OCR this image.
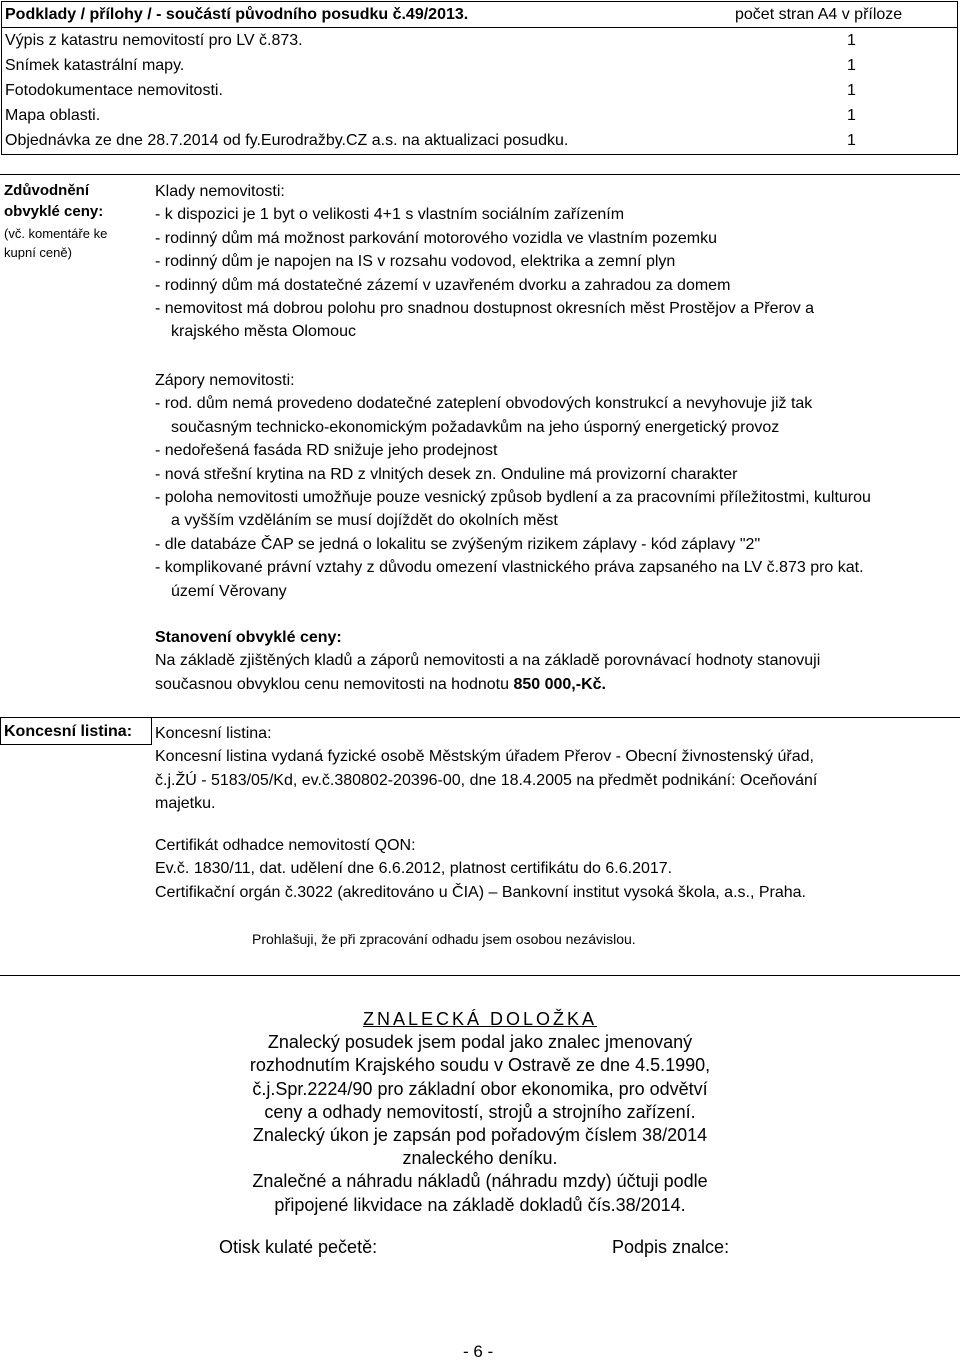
Podklady / přílohy / - součástí původního posudku č.49/2013.	počet stran A4 v příloze
Výpis z katastru nemovitostí pro LV č.873.	1
Snímek katastrální mapy.	1
Fotodokumentace nemovitosti.	1
Mapa oblasti.	1
Objednávka ze dne 28.7.2014 od fy.Eurodražby.CZ a.s. na aktualizaci posudku.	1
Zdůvodnění
obvyklé ceny:
(vč. komentáře ke
kupní ceně)
Klady nemovitosti:
- k dispozici je 1 byt o velikosti 4+1 s vlastním sociálním zařízením
- rodinný dům má možnost parkování motorového vozidla ve vlastním pozemku
- rodinný dům je napojen na IS v rozsahu vodovod, elektrika a zemní plyn
- rodinný dům má dostatečné zázemí v uzavřeném dvorku a zahradou za domem
- nemovitost má dobrou polohu pro snadnou dostupnost okresních měst Prostějov a Přerov a
krajského města Olomouc
Zápory nemovitosti:
- rod. dům nemá provedeno dodatečné zateplení obvodových konstrukcí a nevyhovuje již tak
současným technicko-ekonomickým požadavkům na jeho úsporný energetický provoz
- nedořešená fasáda RD snižuje jeho prodejnost
- nová střešní krytina na RD z vlnitých desek zn. Onduline má provizorní charakter
- poloha nemovitosti umožňuje pouze vesnický způsob bydlení a za pracovními příležitostmi, kulturou
a vyšším vzděláním se musí dojíždět do okolních měst
- dle databáze ČAP se jedná o lokalitu se zvýšeným rizikem záplavy - kód záplavy "2"
- komplikované právní vztahy z důvodu omezení vlastnického práva zapsaného na LV č.873 pro kat.
území Věrovany
Stanovení obvyklé ceny:
Na základě zjištěných kladů a záporů nemovitosti a na základě porovnávací hodnoty stanovuji
současnou obvyklou cenu nemovitosti na hodnotu 850 000,-Kč.
Koncesní listina: Koncesní listina:
Koncesní listina vydaná fyzické osobě Městským úřadem Přerov - Obecní živnostenský úřad,
č.j.ŽÚ - 5183/05/Kd, ev.č.380802-20396-00, dne 18.4.2005 na předmět podnikání: Oceňování
majetku.
Certifikát odhadce nemovitostí QON:
Ev.č. 1830/11, dat. udělení dne 6.6.2012, platnost certifikátu do 6.6.2017.
Certifikační orgán č.3022 (akreditováno u ČIA) – Bankovní institut vysoká škola, a.s., Praha.
Prohlašuji, že při zpracování odhadu jsem osobou nezávislou.
ZNALECKÁ DOLOŽKA
Znalecký posudek jsem podal jako znalec jmenovaný
rozhodnutím Krajského soudu v Ostravě ze dne 4.5.1990,
č.j.Spr.2224/90 pro základní obor ekonomika, pro odvětví
ceny a odhady nemovitostí, strojů a strojního zařízení.
Znalecký úkon je zapsán pod pořadovým číslem 38/2014
znaleckého deníku.
Znalečné a náhradu nákladů (náhradu mzdy) účtuji podle
připojené likvidace na základě dokladů čís.38/2014.
Otisk kulaté pečetě:	Podpis znalce:
- 6 -
